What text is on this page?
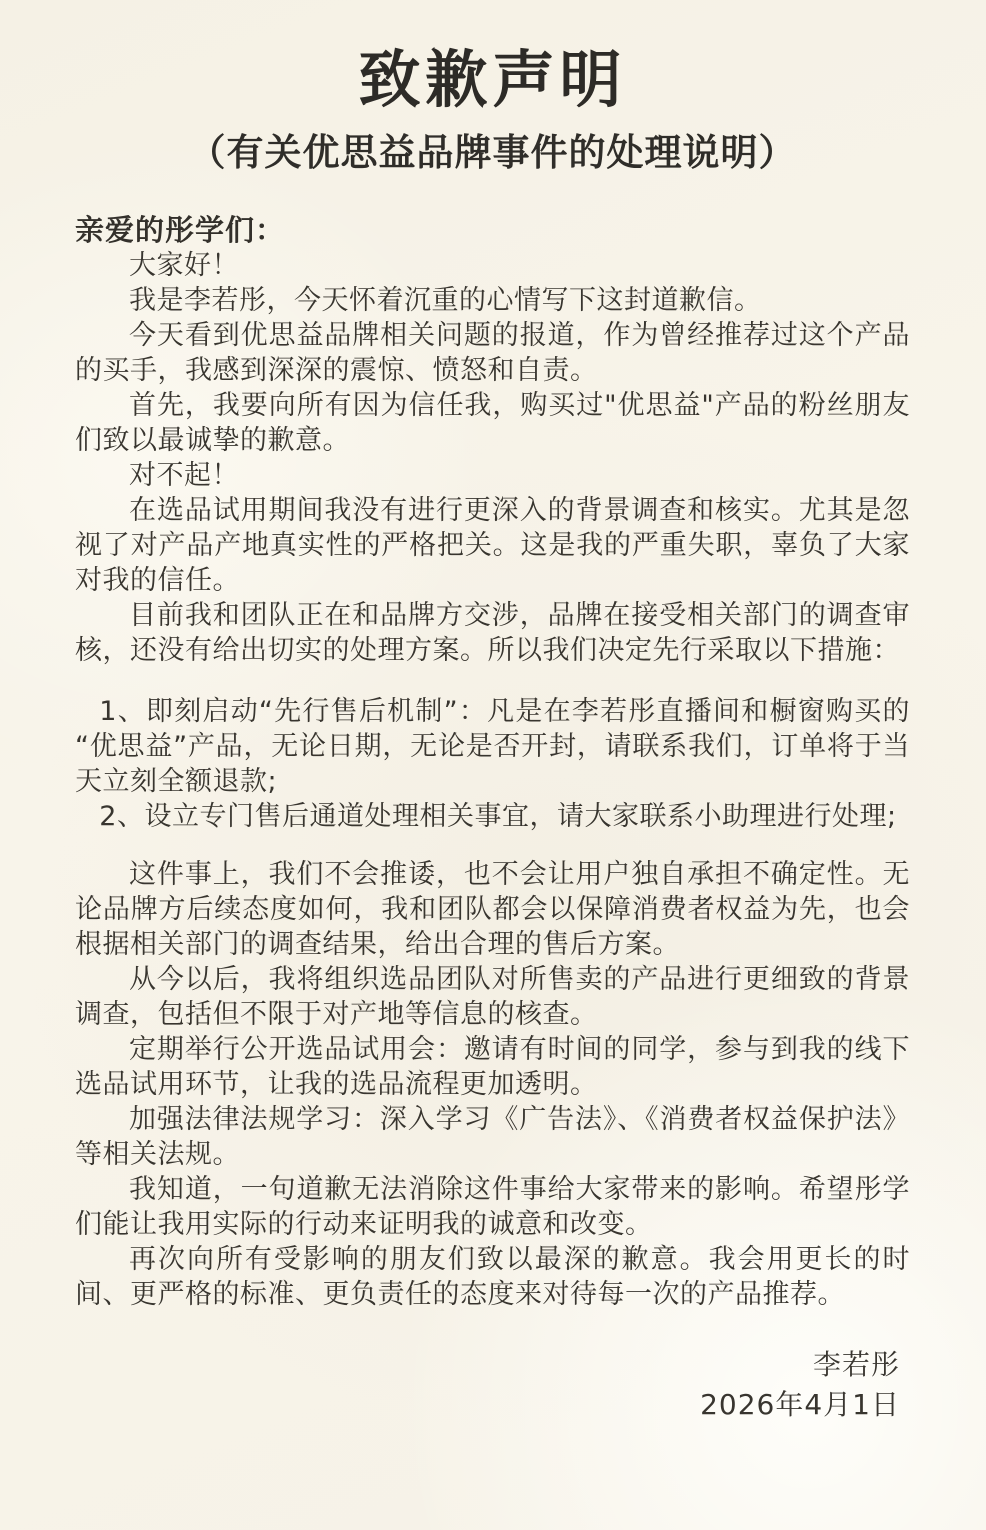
致歉声明
（有关优思益品牌事件的处理说明）
亲爱的彤学们：

大家好！

我是李若彤，今天怀着沉重的心情写下这封道歉信。

今天看到优思益品牌相关问题的报道，作为曾经推荐过这个产品的买手，我感到深深的震惊、愤怒和自责。

首先，我要向所有因为信任我，购买过"优思益"产品的粉丝朋友们致以最诚挚的歉意。

对不起！

在选品试用期间我没有进行更深入的背景调查和核实。尤其是忽视了对产品产地真实性的严格把关。这是我的严重失职，辜负了大家对我的信任。

目前我和团队正在和品牌方交涉，品牌在接受相关部门的调查审核，还没有给出切实的处理方案。所以我们决定先行采取以下措施：

1、即刻启动“先行售后机制”：凡是在李若彤直播间和橱窗购买的“优思益”产品，无论日期，无论是否开封，请联系我们，订单将于当天立刻全额退款;

2、设立专门售后通道处理相关事宜，请大家联系小助理进行处理;

这件事上，我们不会推诿，也不会让用户独自承担不确定性。无论品牌方后续态度如何，我和团队都会以保障消费者权益为先，也会根据相关部门的调查结果，给出合理的售后方案。

从今以后，我将组织选品团队对所售卖的产品进行更细致的背景调查，包括但不限于对产地等信息的核查。

定期举行公开选品试用会：邀请有时间的同学，参与到我的线下选品试用环节，让我的选品流程更加透明。

加强法律法规学习：深入学习《广告法》、《消费者权益保护法》等相关法规。

我知道，一句道歉无法消除这件事给大家带来的影响。希望彤学们能让我用实际的行动来证明我的诚意和改变。

再次向所有受影响的朋友们致以最深的歉意。我会用更长的时间、更严格的标准、更负责任的态度来对待每一次的产品推荐。

李若彤
2026年4月1日
